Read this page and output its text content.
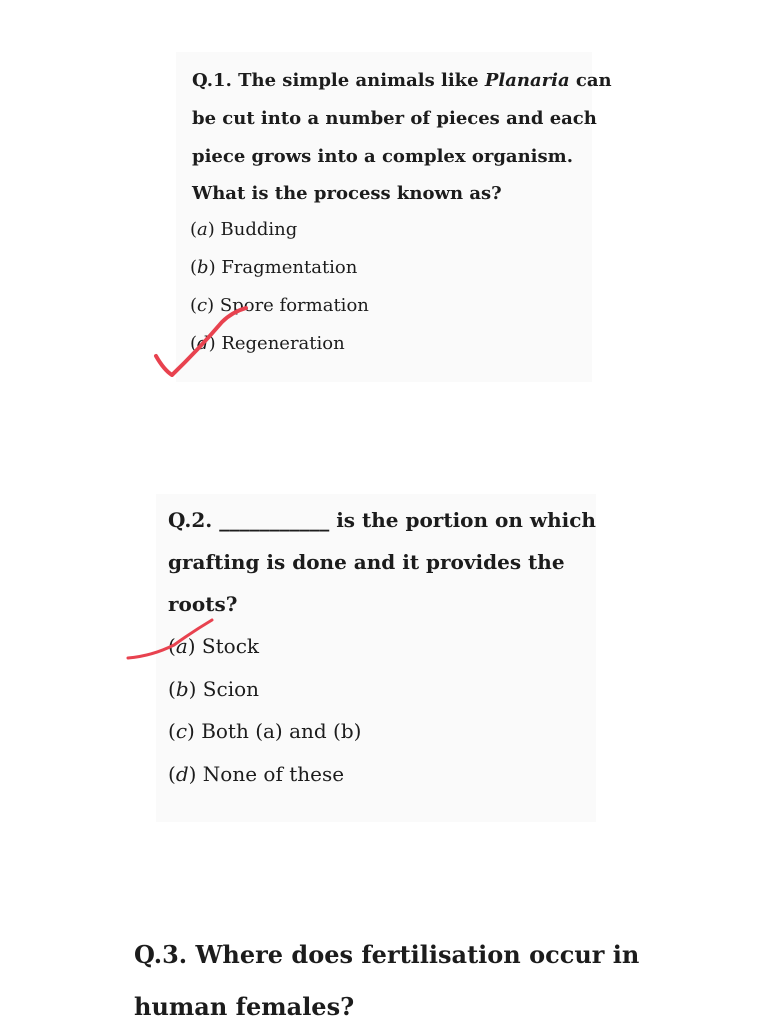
Q.1. The simple animals like Planaria can
be cut into a number of pieces and each
piece grows into a complex organism.
What is the process known as?
(a) Budding
(b) Fragmentation
(c) Spore formation
(d) Regeneration
Q.2. ___________ is the portion on which
grafting is done and it provides the
roots?
(a) Stock
(b) Scion
(c) Both (a) and (b)
(d) None of these
Q.3. Where does fertilisation occur in
human females?
